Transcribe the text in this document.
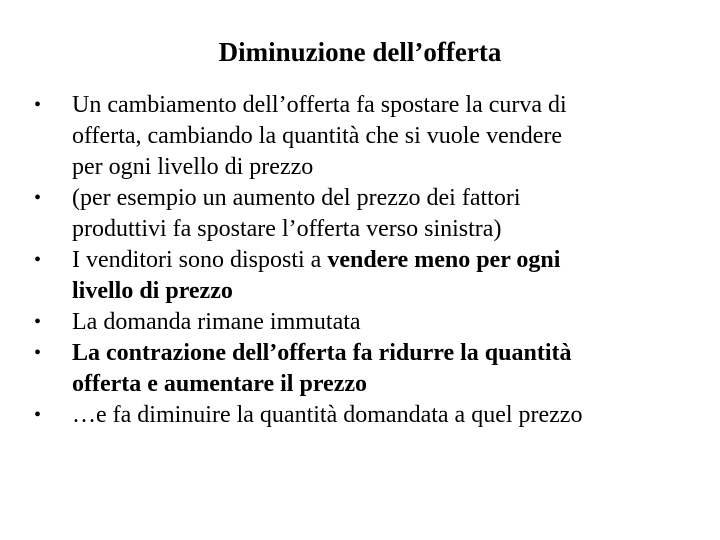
Diminuzione dell’offerta
•	Un cambiamento dell’offerta fa spostare la curva di
offerta, cambiando la quantità che si vuole vendere
per ogni livello di prezzo
•	(per esempio un aumento del prezzo dei fattori
produttivi fa spostare l’offerta verso sinistra)
•	I venditori sono disposti a vendere meno per ogni
livello di prezzo
•	La domanda rimane immutata
•	La contrazione dell’offerta fa ridurre la quantità
offerta e aumentare il prezzo
•	…e fa diminuire la quantità domandata a quel prezzo
